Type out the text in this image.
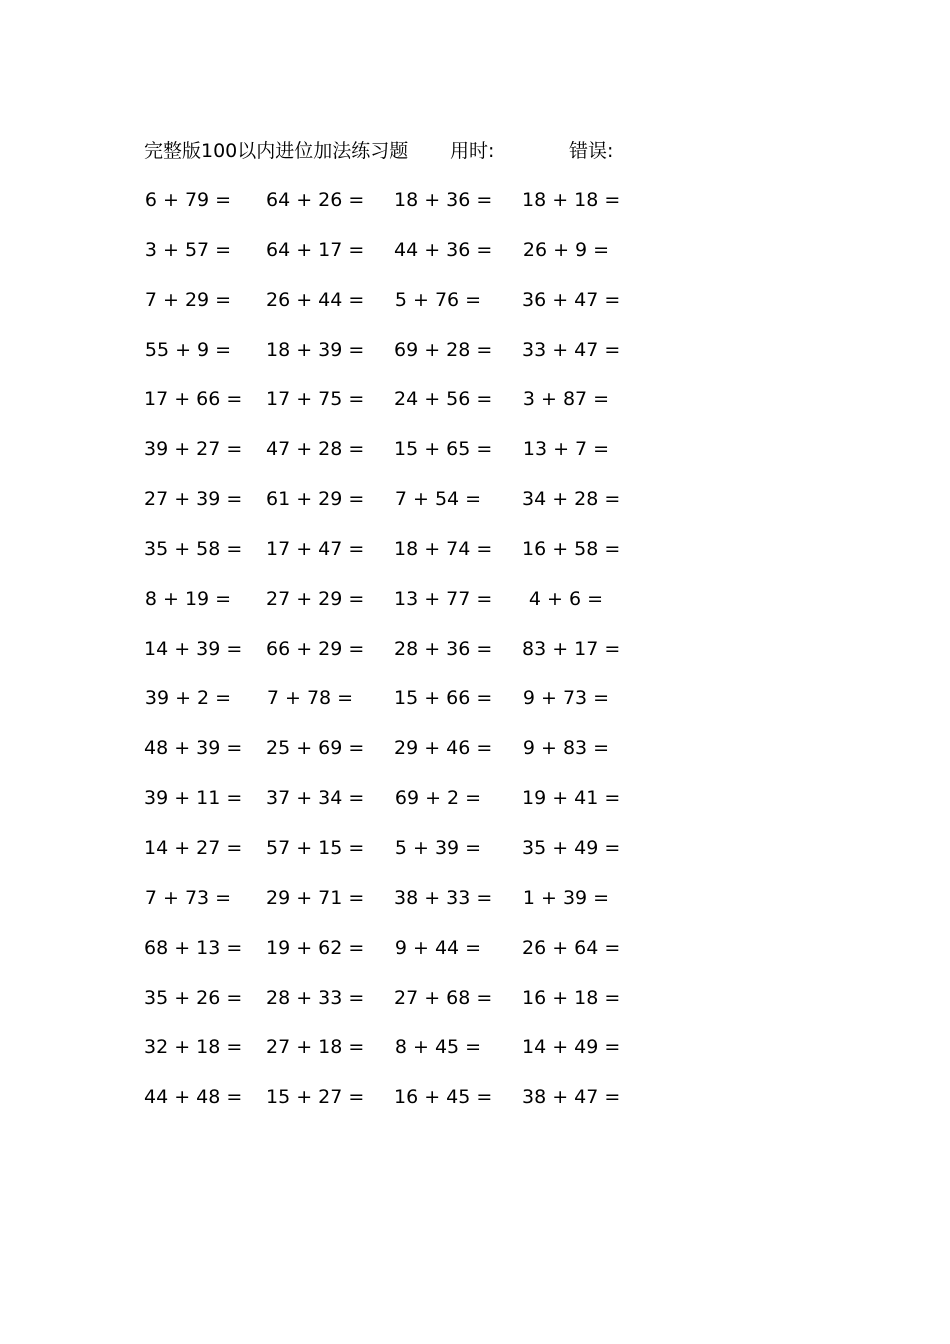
完整版100以内进位加法练习题 用时:	错误:
6 + 79 = 64 + 26 = 18 + 36 = 18 + 18 =
3 + 57 = 64 + 17 = 44 + 36 = 26 + 9 =
7 + 29 = 26 + 44 = 5 + 76 = 36 + 47 =
55 + 9 = 18 + 39 = 69 + 28 = 33 + 47 =
17 + 66 = 17 + 75 = 24 + 56 = 3 + 87 =
39 + 27 = 47 + 28 = 15 + 65 = 13 + 7 =
27 + 39 = 61 + 29 = 7 + 54 = 34 + 28 =
35 + 58 = 17 + 47 = 18 + 74 = 16 + 58 =
8 + 19 = 27 + 29 = 13 + 77 =	4 + 6 =
14 + 39 = 66 + 29 = 28 + 36 = 83 + 17 =
39 + 2 = 7 + 78 = 15 + 66 = 9 + 73 =
48 + 39 = 25 + 69 = 29 + 46 = 9 + 83 =
39 + 11 = 37 + 34 = 69 + 2 = 19 + 41 =
14 + 27 = 57 + 15 = 5 + 39 = 35 + 49 =
7 + 73 = 29 + 71 = 38 + 33 = 1 + 39 =
68 + 13 = 19 + 62 = 9 + 44 = 26 + 64 =
35 + 26 = 28 + 33 = 27 + 68 = 16 + 18 =
32 + 18 = 27 + 18 = 8 + 45 = 14 + 49 =
44 + 48 = 15 + 27 = 16 + 45 = 38 + 47 =
